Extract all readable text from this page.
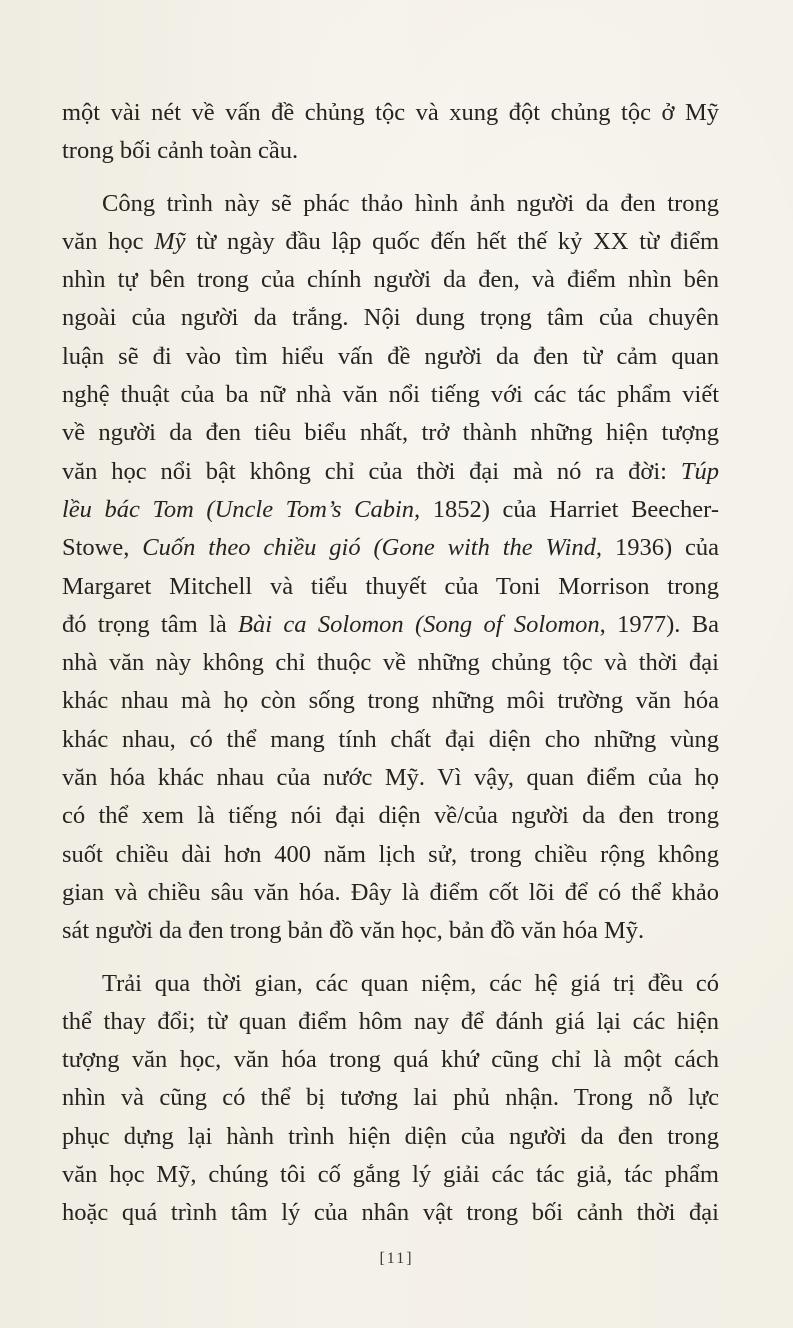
một vài nét về vấn đề chủng tộc và xung đột chủng tộc ở Mỹ
trong bối cảnh toàn cầu.
Công trình này sẽ phác thảo hình ảnh người da đen trong
văn học Mỹ từ ngày đầu lập quốc đến hết thế kỷ XX từ điểm
nhìn tự bên trong của chính người da đen, và điểm nhìn bên
ngoài của người da trắng. Nội dung trọng tâm của chuyên
luận sẽ đi vào tìm hiểu vấn đề người da đen từ cảm quan
nghệ thuật của ba nữ nhà văn nổi tiếng với các tác phẩm viết
về người da đen tiêu biểu nhất, trở thành những hiện tượng
văn học nổi bật không chỉ của thời đại mà nó ra đời: Túp
lều bác Tom (Uncle Tom’s Cabin, 1852) của Harriet Beecher-
Stowe, Cuốn theo chiều gió (Gone with the Wind, 1936) của
Margaret Mitchell và tiểu thuyết của Toni Morrison trong
đó trọng tâm là Bài ca Solomon (Song of Solomon, 1977). Ba
nhà văn này không chỉ thuộc về những chủng tộc và thời đại
khác nhau mà họ còn sống trong những môi trường văn hóa
khác nhau, có thể mang tính chất đại diện cho những vùng
văn hóa khác nhau của nước Mỹ. Vì vậy, quan điểm của họ
có thể xem là tiếng nói đại diện về/của người da đen trong
suốt chiều dài hơn 400 năm lịch sử, trong chiều rộng không
gian và chiều sâu văn hóa. Đây là điểm cốt lõi để có thể khảo
sát người da đen trong bản đồ văn học, bản đồ văn hóa Mỹ.
Trải qua thời gian, các quan niệm, các hệ giá trị đều có
thể thay đổi; từ quan điểm hôm nay để đánh giá lại các hiện
tượng văn học, văn hóa trong quá khứ cũng chỉ là một cách
nhìn và cũng có thể bị tương lai phủ nhận. Trong nỗ lực
phục dựng lại hành trình hiện diện của người da đen trong
văn học Mỹ, chúng tôi cố gắng lý giải các tác giả, tác phẩm
hoặc quá trình tâm lý của nhân vật trong bối cảnh thời đại
[11]
